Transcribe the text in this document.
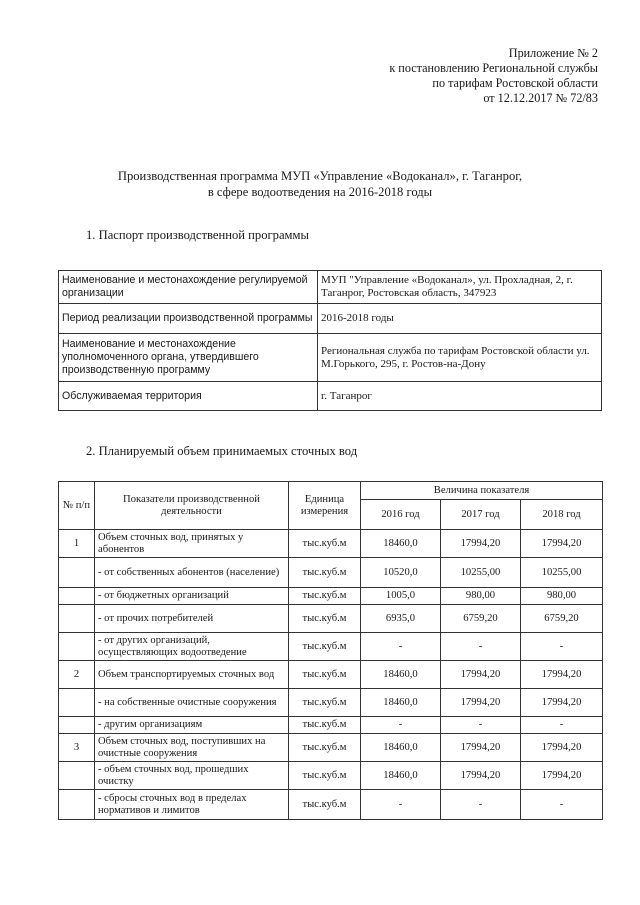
Приложение № 2
к постановлению Региональной службы
по тарифам Ростовской области
от 12.12.2017 № 72/83
Производственная программа МУП «Управление «Водоканал», г. Таганрог,
в сфере водоотведения на 2016-2018 годы
1. Паспорт производственной программы
Наименование и местонахождение регулируемой организации	МУП "Управление «Водоканал», ул. Прохладная, 2, г. Таганрог, Ростовская область, 347923
Период реализации производственной программы	2016-2018 годы
Наименование и местонахождение уполномоченного органа, утвердившего производственную программу	Региональная служба по тарифам Ростовской области ул. М.Горького, 295, г. Ростов-на-Дону
Обслуживаемая территория	г. Таганрог
2. Планируемый объем принимаемых сточных вод
№ п/п	Показатели производственной деятельности	Единица измерения	Величина показателя		
			2016 год	2017 год	2018 год
1	Объем сточных вод, принятых у абонентов	тыс.куб.м	18460,0	17994,20	17994,20
	- от собственных абонентов (население)	тыс.куб.м	10520,0	10255,00	10255,00
	- от бюджетных организаций	тыс.куб.м	1005,0	980,00	980,00
	- от прочих потребителей	тыс.куб.м	6935,0	6759,20	6759,20
	- от других организаций, осуществляющих водоотведение	тыс.куб.м	-	-	-
2	Объем транспортируемых сточных вод	тыс.куб.м	18460,0	17994,20	17994,20
	- на собственные очистные сооружения	тыс.куб.м	18460,0	17994,20	17994,20
	- другим организациям	тыс.куб.м	-	-	-
3	Объем сточных вод, поступивших на очистные сооружения	тыс.куб.м	18460,0	17994,20	17994,20
	- объем сточных вод, прошедших очистку	тыс.куб.м	18460,0	17994,20	17994,20
	- сбросы сточных вод в пределах нормативов и лимитов	тыс.куб.м	-	-	-
